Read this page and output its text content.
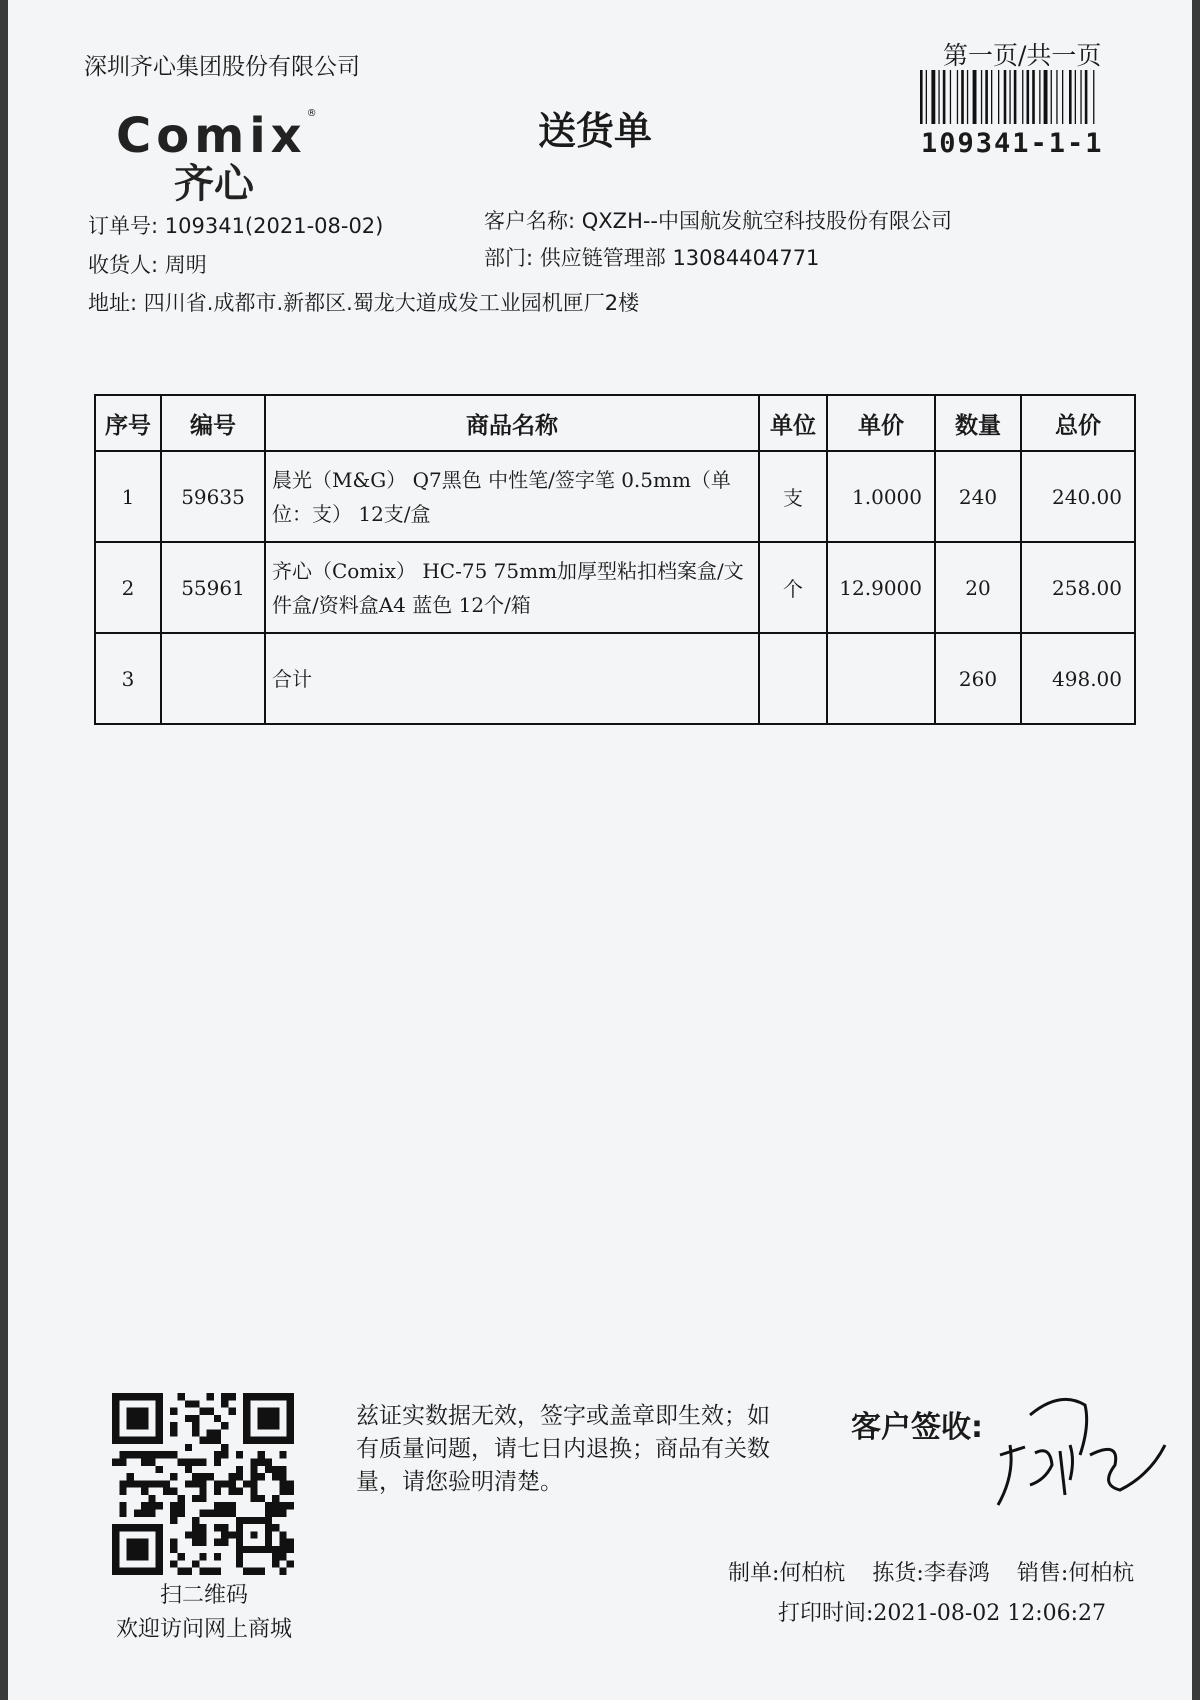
深圳齐心集团股份有限公司
Comix®
齐心
送货单
第一页/共一页
109341-1-1
订单号: 109341(2021-08-02)	客户名称: QXZH--中国航发航空科技股份有限公司
收货人: 周明	部门: 供应链管理部 13084404771
地址: 四川省.成都市.新都区.蜀龙大道成发工业园机匣厂2楼
序号	编号	商品名称	单位	单价	数量	总价
1	59635	晨光（M&G） Q7黑色 中性笔/签字笔 0.5mm（单位：支） 12支/盒	支	1.0000	240	240.00
2	55961	齐心（Comix） HC-75 75mm加厚型粘扣档案盒/文件盒/资料盒A4 蓝色 12个/箱	个	12.9000	20	258.00
3		合计			260	498.00
扫二维码
欢迎访问网上商城
兹证实数据无效，签字或盖章即生效；如有质量问题，请七日内退换；商品有关数量，请您验明清楚。
客户签收:
制单:何柏杭 拣货:李春鸿 销售:何柏杭
打印时间:2021-08-02 12:06:27
